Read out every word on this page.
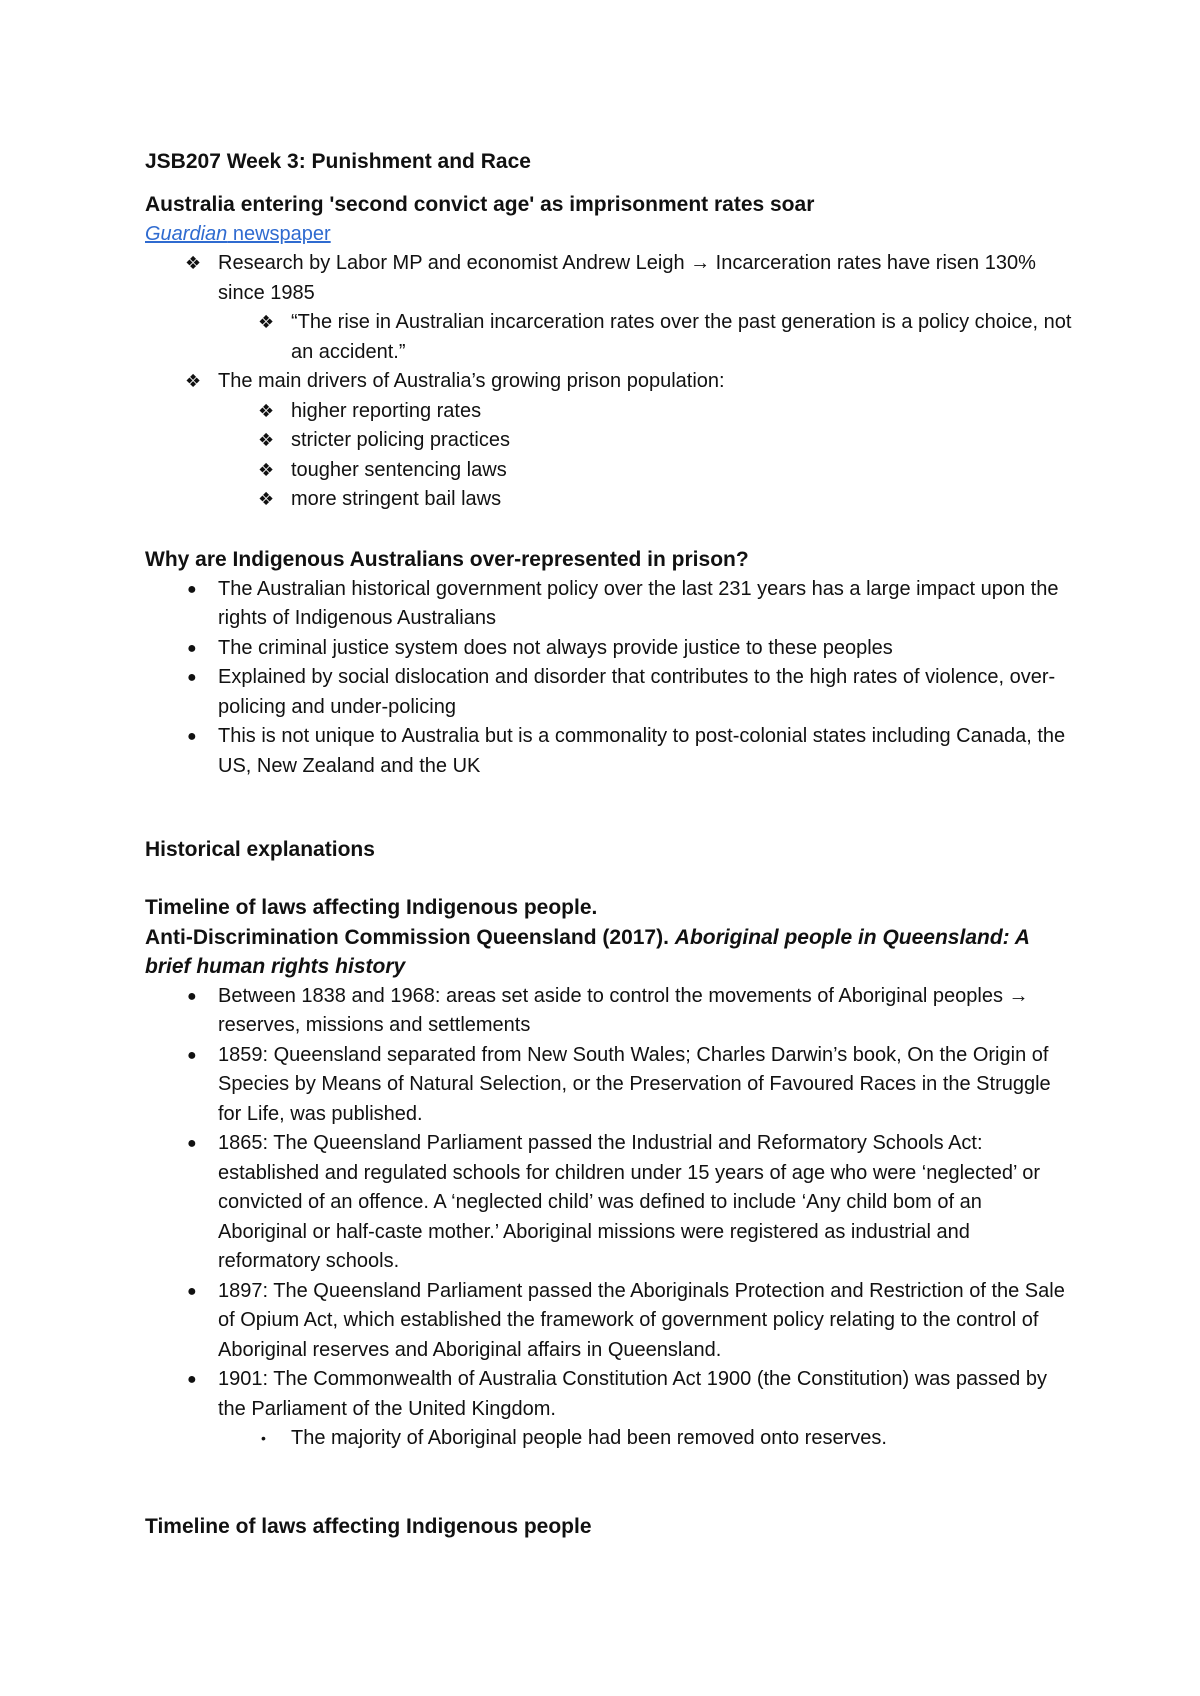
JSB207 Week 3: Punishment and Race
Australia entering 'second convict age' as imprisonment rates soar
Guardian newspaper
❖ Research by Labor MP and economist Andrew Leigh → Incarceration rates have risen 130% since 1985
❖ “The rise in Australian incarceration rates over the past generation is a policy choice, not an accident.”
❖ The main drivers of Australia’s growing prison population:
❖ higher reporting rates
❖ stricter policing practices
❖ tougher sentencing laws
❖ more stringent bail laws
Why are Indigenous Australians over-represented in prison?
● The Australian historical government policy over the last 231 years has a large impact upon the rights of Indigenous Australians
● The criminal justice system does not always provide justice to these peoples
● Explained by social dislocation and disorder that contributes to the high rates of violence, over-policing and under-policing
● This is not unique to Australia but is a commonality to post-colonial states including Canada, the US, New Zealand and the UK
Historical explanations
Timeline of laws affecting Indigenous people.
Anti-Discrimination Commission Queensland (2017). Aboriginal people in Queensland: A brief human rights history
● Between 1838 and 1968: areas set aside to control the movements of Aboriginal peoples → reserves, missions and settlements
● 1859: Queensland separated from New South Wales; Charles Darwin’s book, On the Origin of Species by Means of Natural Selection, or the Preservation of Favoured Races in the Struggle for Life, was published.
● 1865: The Queensland Parliament passed the Industrial and Reformatory Schools Act: established and regulated schools for children under 15 years of age who were ‘neglected’ or convicted of an offence. A ‘neglected child’ was defined to include ‘Any child bom of an Aboriginal or half-caste mother.’ Aboriginal missions were registered as industrial and reformatory schools.
● 1897: The Queensland Parliament passed the Aboriginals Protection and Restriction of the Sale of Opium Act, which established the framework of government policy relating to the control of Aboriginal reserves and Aboriginal affairs in Queensland.
● 1901: The Commonwealth of Australia Constitution Act 1900 (the Constitution) was passed by the Parliament of the United Kingdom.
• The majority of Aboriginal people had been removed onto reserves.
Timeline of laws affecting Indigenous people
